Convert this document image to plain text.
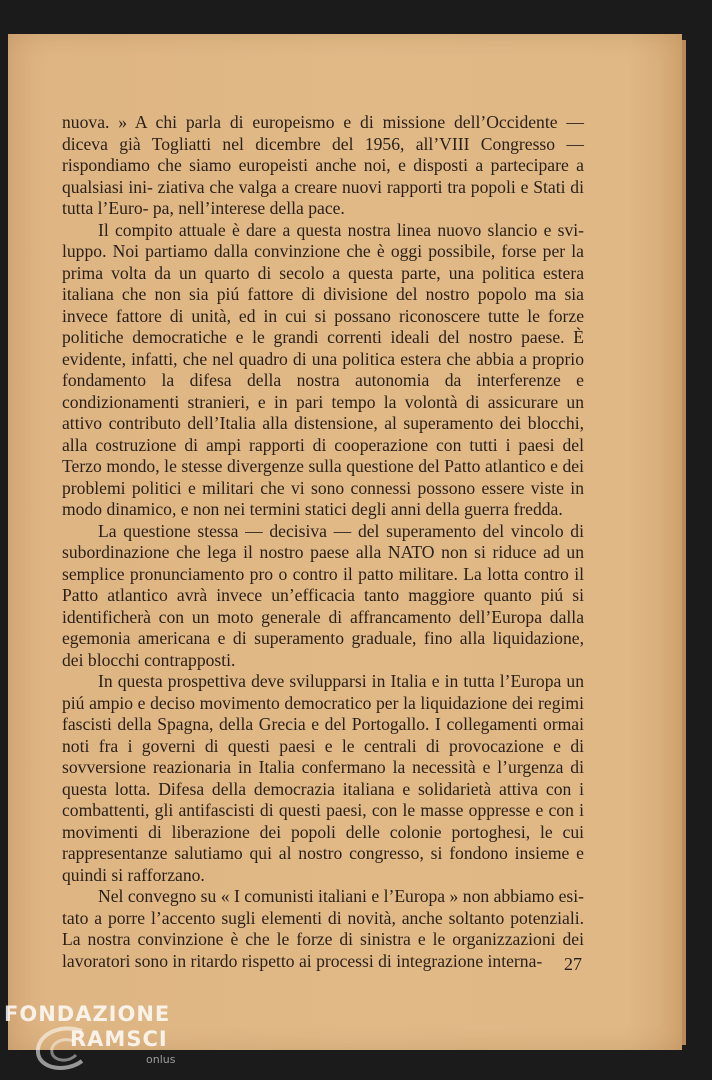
nuova. » A chi parla di europeismo e di missione dell’Occidente — diceva già Togliatti nel dicembre del 1956, all’VIII Congresso — rispondiamo che siamo europeisti anche noi, e disposti a partecipare a qualsiasi ini- ziativa che valga a creare nuovi rapporti tra popoli e Stati di tutta l’Euro- pa, nell’interese della pace.

Il compito attuale è dare a questa nostra linea nuovo slancio e svi- luppo. Noi partiamo dalla convinzione che è oggi possibile, forse per la prima volta da un quarto di secolo a questa parte, una politica estera italiana che non sia piú fattore di divisione del nostro popolo ma sia invece fattore di unità, ed in cui si possano riconoscere tutte le forze politiche democratiche e le grandi correnti ideali del nostro paese. È evidente, infatti, che nel quadro di una politica estera che abbia a proprio fondamento la difesa della nostra autonomia da interferenze e condizionamenti stranieri, e in pari tempo la volontà di assicurare un attivo contributo dell’Italia alla distensione, al superamento dei blocchi, alla costruzione di ampi rapporti di cooperazione con tutti i paesi del Terzo mondo, le stesse divergenze sulla questione del Patto atlantico e dei problemi politici e militari che vi sono connessi possono essere viste in modo dinamico, e non nei termini statici degli anni della guerra fredda.

La questione stessa — decisiva — del superamento del vincolo di subordinazione che lega il nostro paese alla NATO non si riduce ad un semplice pronunciamento pro o contro il patto militare. La lotta contro il Patto atlantico avrà invece un’efficacia tanto maggiore quanto piú si identificherà con un moto generale di affrancamento dell’Europa dalla egemonia americana e di superamento graduale, fino alla liquidazione, dei blocchi contrapposti.

In questa prospettiva deve svilupparsi in Italia e in tutta l’Europa un piú ampio e deciso movimento democratico per la liquidazione dei regimi fascisti della Spagna, della Grecia e del Portogallo. I collegamenti ormai noti fra i governi di questi paesi e le centrali di provocazione e di sovversione reazionaria in Italia confermano la necessità e l’urgenza di questa lotta. Difesa della democrazia italiana e solidarietà attiva con i combattenti, gli antifascisti di questi paesi, con le masse oppresse e con i movimenti di liberazione dei popoli delle colonie portoghesi, le cui rappresentanze salutiamo qui al nostro congresso, si fondono insieme e quindi si rafforzano.

Nel convegno su « I comunisti italiani e l’Europa » non abbiamo esi- tato a porre l’accento sugli elementi di novità, anche soltanto potenziali. La nostra convinzione è che le forze di sinistra e le organizzazioni dei lavoratori sono in ritardo rispetto ai processi di integrazione interna-	27
FONDAZIONE
RAMSCI
onlus
